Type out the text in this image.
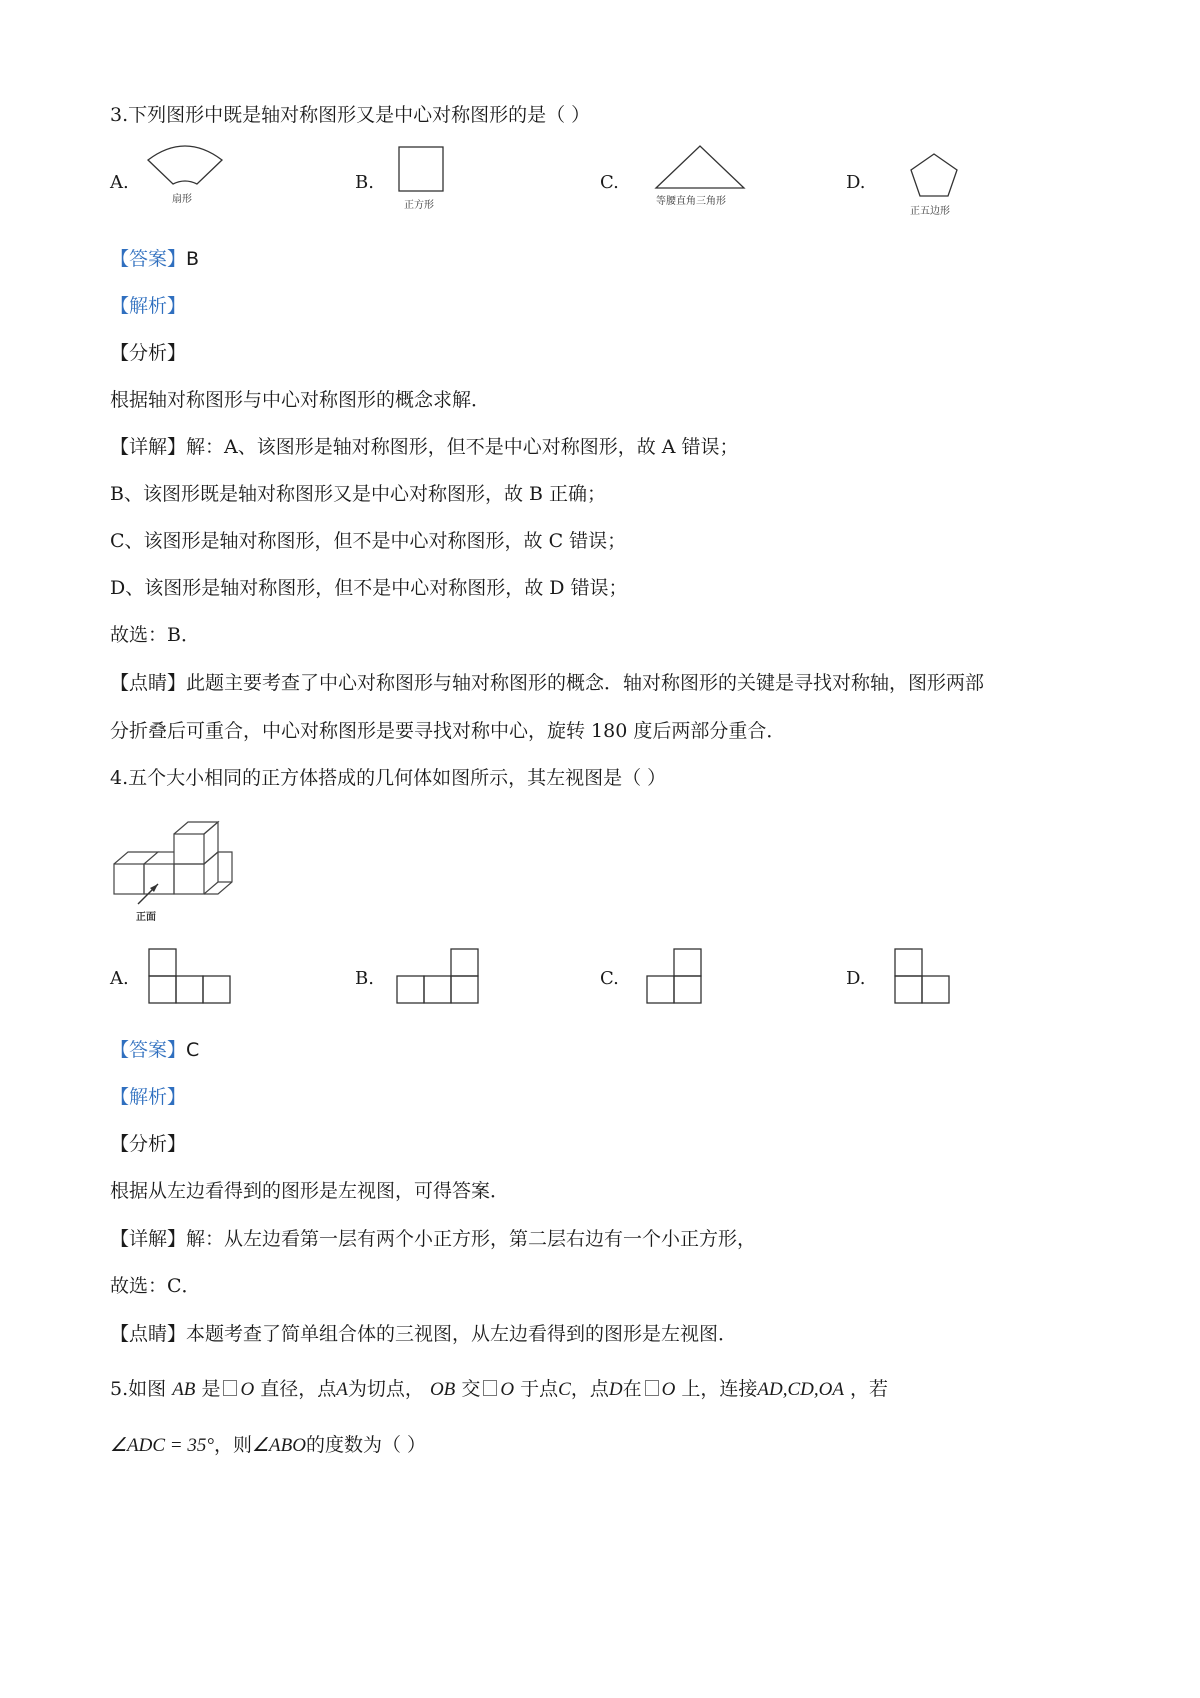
3.下列图形中既是轴对称图形又是中心对称图形的是（ ）
A.
扇形
B.
正方形
C.
等腰直角三角形
D.
正五边形
【答案】B
【解析】
【分析】
根据轴对称图形与中心对称图形的概念求解．
【详解】解：A、该图形是轴对称图形，但不是中心对称图形，故 A 错误；
B、该图形既是轴对称图形又是中心对称图形，故 B 正确；
C、该图形是轴对称图形，但不是中心对称图形，故 C 错误；
D、该图形是轴对称图形，但不是中心对称图形，故 D 错误；
故选：B．
【点睛】此题主要考查了中心对称图形与轴对称图形的概念．轴对称图形的关键是寻找对称轴，图形两部
分折叠后可重合，中心对称图形是要寻找对称中心，旋转 180 度后两部分重合．
4.五个大小相同的正方体搭成的几何体如图所示，其左视图是（ ）
正面
A.	B.	C.	D.
【答案】C
【解析】
【分析】
根据从左边看得到的图形是左视图，可得答案．
【详解】解：从左边看第一层有两个小正方形，第二层右边有一个小正方形，
故选：C．
【点睛】本题考查了简单组合体的三视图，从左边看得到的图形是左视图．
5.如图 AB 是 O 直径，点A为切点， OB 交 O 于点C，点D在 O 上，连接AD,CD,OA ，若
∠ADC = 35°，则∠ABO的度数为（ ）
